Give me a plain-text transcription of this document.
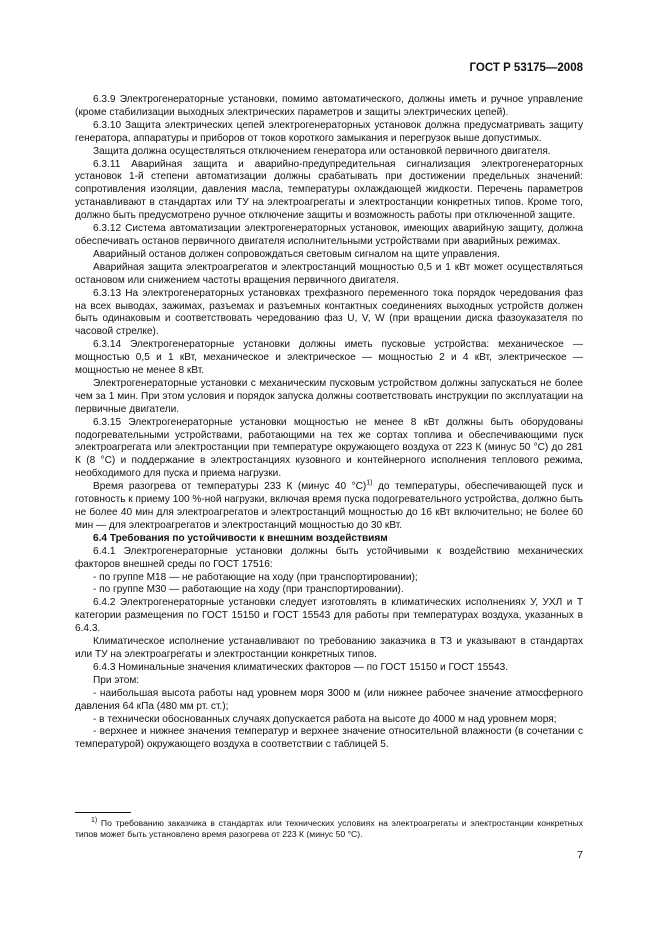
ГОСТ Р 53175—2008

6.3.9 Электрогенераторные установки, помимо автоматического, должны иметь и ручное управление (кроме стабилизации выходных электрических параметров и защиты электрических цепей).

6.3.10 Защита электрических цепей электрогенераторных установок должна предусматривать защиту генератора, аппаратуры и приборов от токов короткого замыкания и перегрузок выше допустимых.

Защита должна осуществляться отключением генератора или остановкой первичного двигателя.

6.3.11 Аварийная защита и аварийно-предупредительная сигнализация электрогенераторных установок 1-й степени автоматизации должны срабатывать при достижении предельных значений: сопротивления изоляции, давления масла, температуры охлаждающей жидкости. Перечень параметров устанавливают в стандартах или ТУ на электроагрегаты и электростанции конкретных типов. Кроме того, должно быть предусмотрено ручное отключение защиты и возможность работы при отключенной защите.

6.3.12 Система автоматизации электрогенераторных установок, имеющих аварийную защиту, должна обеспечивать останов первичного двигателя исполнительными устройствами при аварийных режимах.

Аварийный останов должен сопровождаться световым сигналом на щите управления.

Аварийная защита электроагрегатов и электростанций мощностью 0,5 и 1 кВт может осуществляться остановом или снижением частоты вращения первичного двигателя.

6.3.13 На электрогенераторных установках трехфазного переменного тока порядок чередования фаз на всех выводах, зажимах, разъемах и разъемных контактных соединениях выходных устройств должен быть одинаковым и соответствовать чередованию фаз U, V, W (при вращении диска фазоуказателя по часовой стрелке).

6.3.14 Электрогенераторные установки должны иметь пусковые устройства: механическое — мощностью 0,5 и 1 кВт, механическое и электрическое — мощностью 2 и 4 кВт, электрическое — мощностью не менее 8 кВт.

Электрогенераторные установки с механическим пусковым устройством должны запускаться не более чем за 1 мин. При этом условия и порядок запуска должны соответствовать инструкции по эксплуатации на первичные двигатели.

6.3.15 Электрогенераторные установки мощностью не менее 8 кВт должны быть оборудованы подогревательными устройствами, работающими на тех же сортах топлива и обеспечивающими пуск электроагрегата или электростанции при температуре окружающего воздуха от 223 К (минус 50 °С) до 281 К (8 °С) и поддержание в электростанциях кузовного и контейнерного исполнения теплового режима, необходимого для пуска и приема нагрузки.

Время разогрева от температуры 233 К (минус 40 °С)$^{1)}$ до температуры, обеспечивающей пуск и готовность к приему 100 %-ной нагрузки, включая время пуска подогревательного устройства, должно быть не более 40 мин для электроагрегатов и электростанций мощностью до 16 кВт включительно; не более 60 мин — для электроагрегатов и электростанций мощностью до 30 кВт.

6.4 Требования по устойчивости к внешним воздействиям

6.4.1 Электрогенераторные установки должны быть устойчивыми к воздействию механических факторов внешней среды по ГОСТ 17516:

- по группе М18 — не работающие на ходу (при транспортировании);

- по группе М30 — работающие на ходу (при транспортировании).

6.4.2 Электрогенераторные установки следует изготовлять в климатических исполнениях У, УХЛ и Т категории размещения по ГОСТ 15150 и ГОСТ 15543 для работы при температурах воздуха, указанных в 6.4.3.

Климатическое исполнение устанавливают по требованию заказчика в ТЗ и указывают в стандартах или ТУ на электроагрегаты и электростанции конкретных типов.

6.4.3 Номинальные значения климатических факторов — по ГОСТ 15150 и ГОСТ 15543.

При этом:

- наибольшая высота работы над уровнем моря 3000 м (или нижнее рабочее значение атмосферного давления 64 кПа (480 мм рт. ст.);

- в технически обоснованных случаях допускается работа на высоте до 4000 м над уровнем моря;

- верхнее и нижнее значения температур и верхнее значение относительной влажности (в сочетании с температурой) окружающего воздуха в соответствии с таблицей 5.

$^{1)}$ По требованию заказчика в стандартах или технических условиях на электроагрегаты и электростанции конкретных типов может быть установлено время разогрева от 223 К (минус 50 °С).

7
